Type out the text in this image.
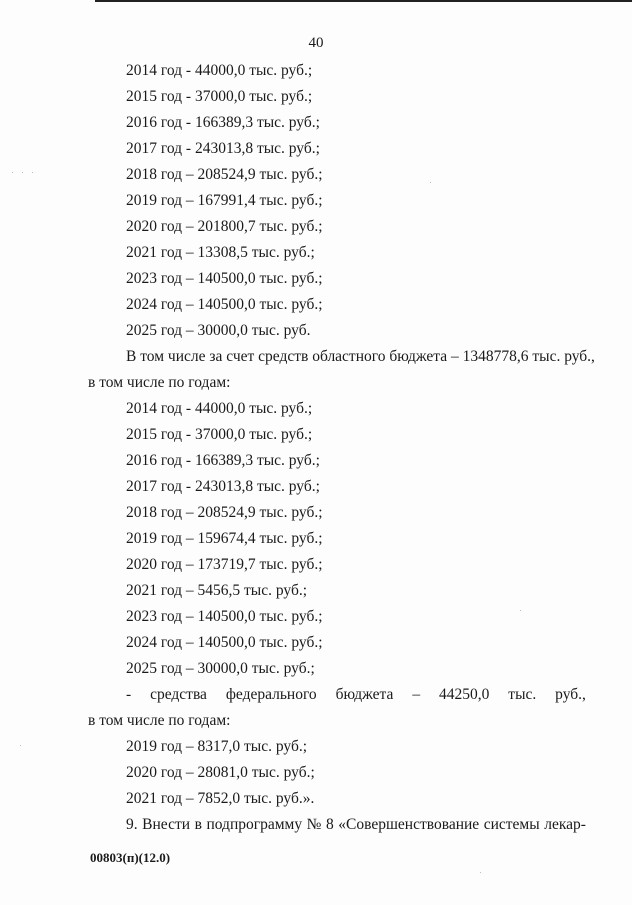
40
2014 год - 44000,0 тыс. руб.;
2015 год - 37000,0 тыс. руб.;
2016 год - 166389,3 тыс. руб.;
2017 год - 243013,8 тыс. руб.;
2018 год – 208524,9 тыс. руб.;
2019 год – 167991,4 тыс. руб.;
2020 год – 201800,7 тыс. руб.;
2021 год – 13308,5 тыс. руб.;
2023 год – 140500,0 тыс. руб.;
2024 год – 140500,0 тыс. руб.;
2025 год – 30000,0 тыс. руб.
В том числе за счет средств областного бюджета – 1348778,6 тыс. руб.,
в том числе по годам:
2014 год - 44000,0 тыс. руб.;
2015 год - 37000,0 тыс. руб.;
2016 год - 166389,3 тыс. руб.;
2017 год - 243013,8 тыс. руб.;
2018 год – 208524,9 тыс. руб.;
2019 год – 159674,4 тыс. руб.;
2020 год – 173719,7 тыс. руб.;
2021 год – 5456,5 тыс. руб.;
2023 год – 140500,0 тыс. руб.;
2024 год – 140500,0 тыс. руб.;
2025 год – 30000,0 тыс. руб.;
- средства федерального бюджета – 44250,0 тыс. руб.,
в том числе по годам:
2019 год – 8317,0 тыс. руб.;
2020 год – 28081,0 тыс. руб.;
2021 год – 7852,0 тыс. руб.».
9. Внести в подпрограмму № 8 «Совершенствование системы лекар-
00803(п)(12.0)
